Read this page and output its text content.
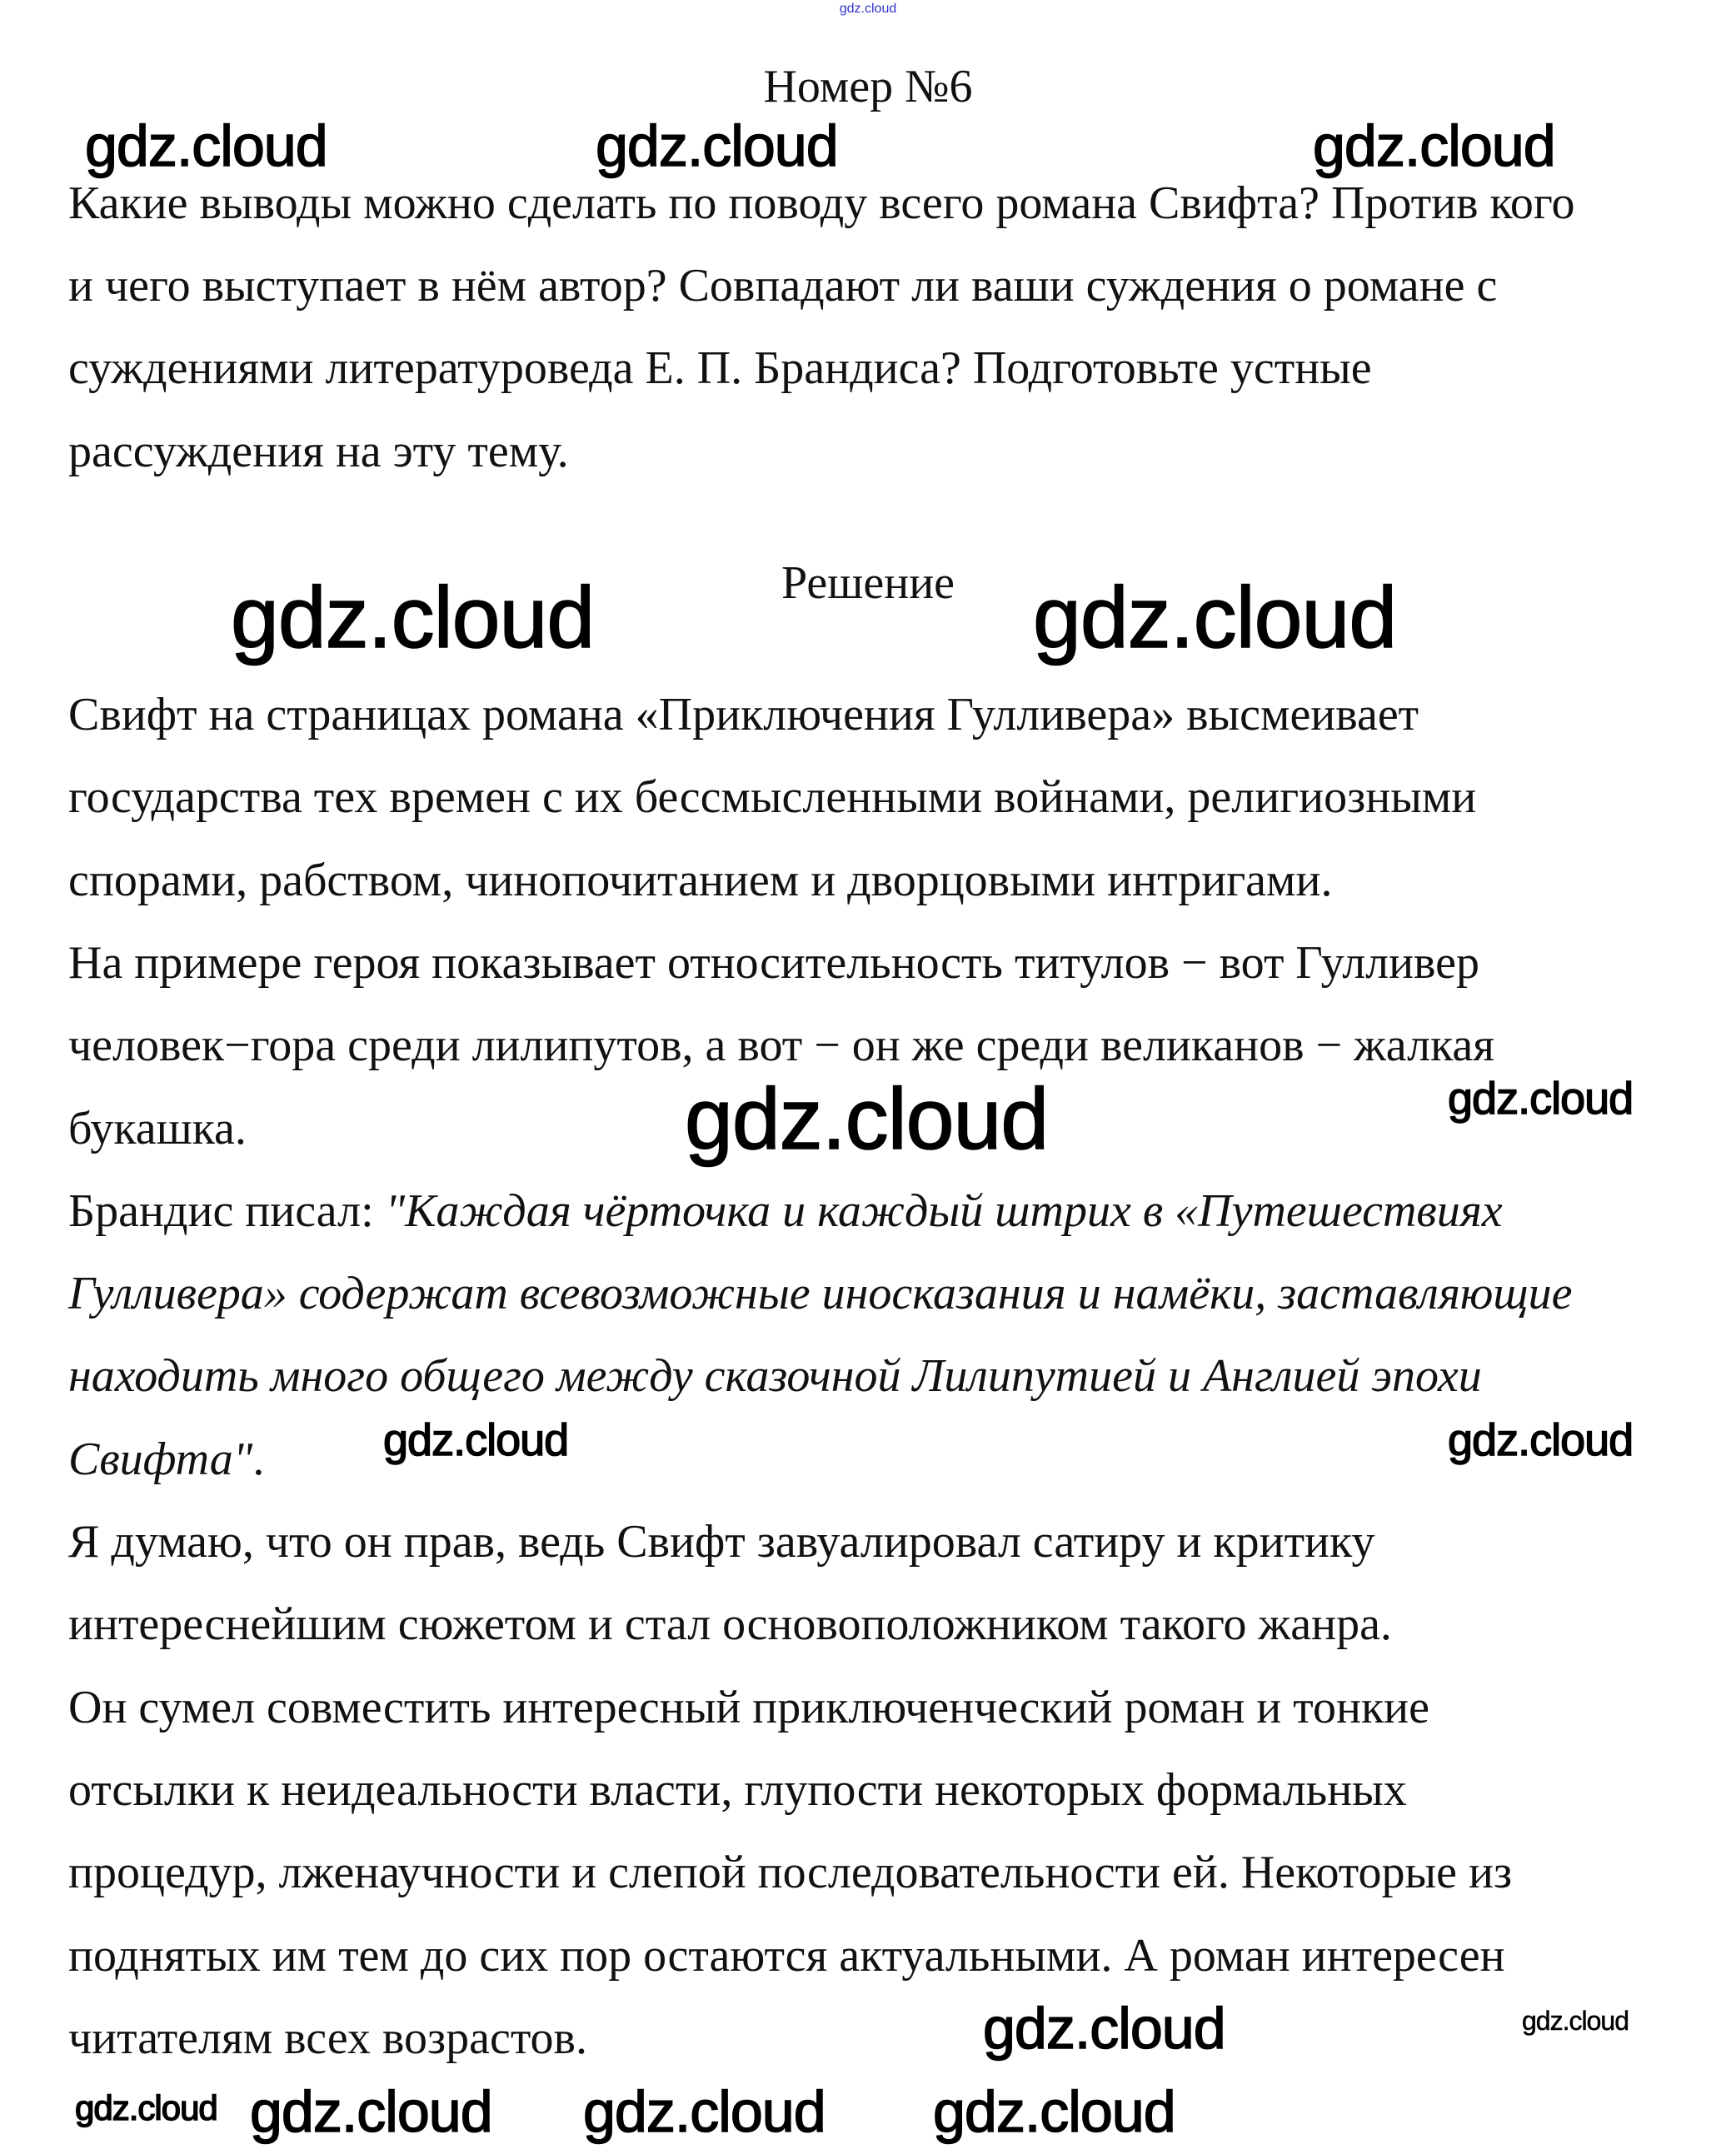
gdz.cloud
Номер №6
Какие выводы можно сделать по поводу всего романа Свифта? Против кого
и чего выступает в нём автор? Совпадают ли ваши суждения о романе с
суждениями литературоведа Е. П. Брандиса? Подготовьте устные
рассуждения на эту тему.
Решение
Свифт на страницах романа «Приключения Гулливера» высмеивает
государства тех времен с их бессмысленными войнами, религиозными
спорами, рабством, чинопочитанием и дворцовыми интригами.
На примере героя показывает относительность титулов − вот Гулливер
человек−гора среди лилипутов, а вот − он же среди великанов − жалкая
букашка.
Брандис писал: "Каждая чёрточка и каждый штрих в «Путешествиях
Гулливера» содержат всевозможные иносказания и намёки, заставляющие
находить много общего между сказочной Лилипутией и Англией эпохи
Свифта".
Я думаю, что он прав, ведь Свифт завуалировал сатиру и критику
интереснейшим сюжетом и стал основоположником такого жанра.
Он сумел совместить интересный приключенческий роман и тонкие
отсылки к неидеальности власти, глупости некоторых формальных
процедур, лженаучности и слепой последовательности ей. Некоторые из
поднятых им тем до сих пор остаются актуальными. А роман интересен
читателям всех возрастов.
gdz.cloud	gdz.cloud	gdz.cloud
gdz.cloud	gdz.cloud
gdz.cloud	gdz.cloud
gdz.cloud	gdz.cloud
gdz.cloud	gdz.cloud gdz.cloud
gdz.cloud
gdz.cloud	gdz.cloud
